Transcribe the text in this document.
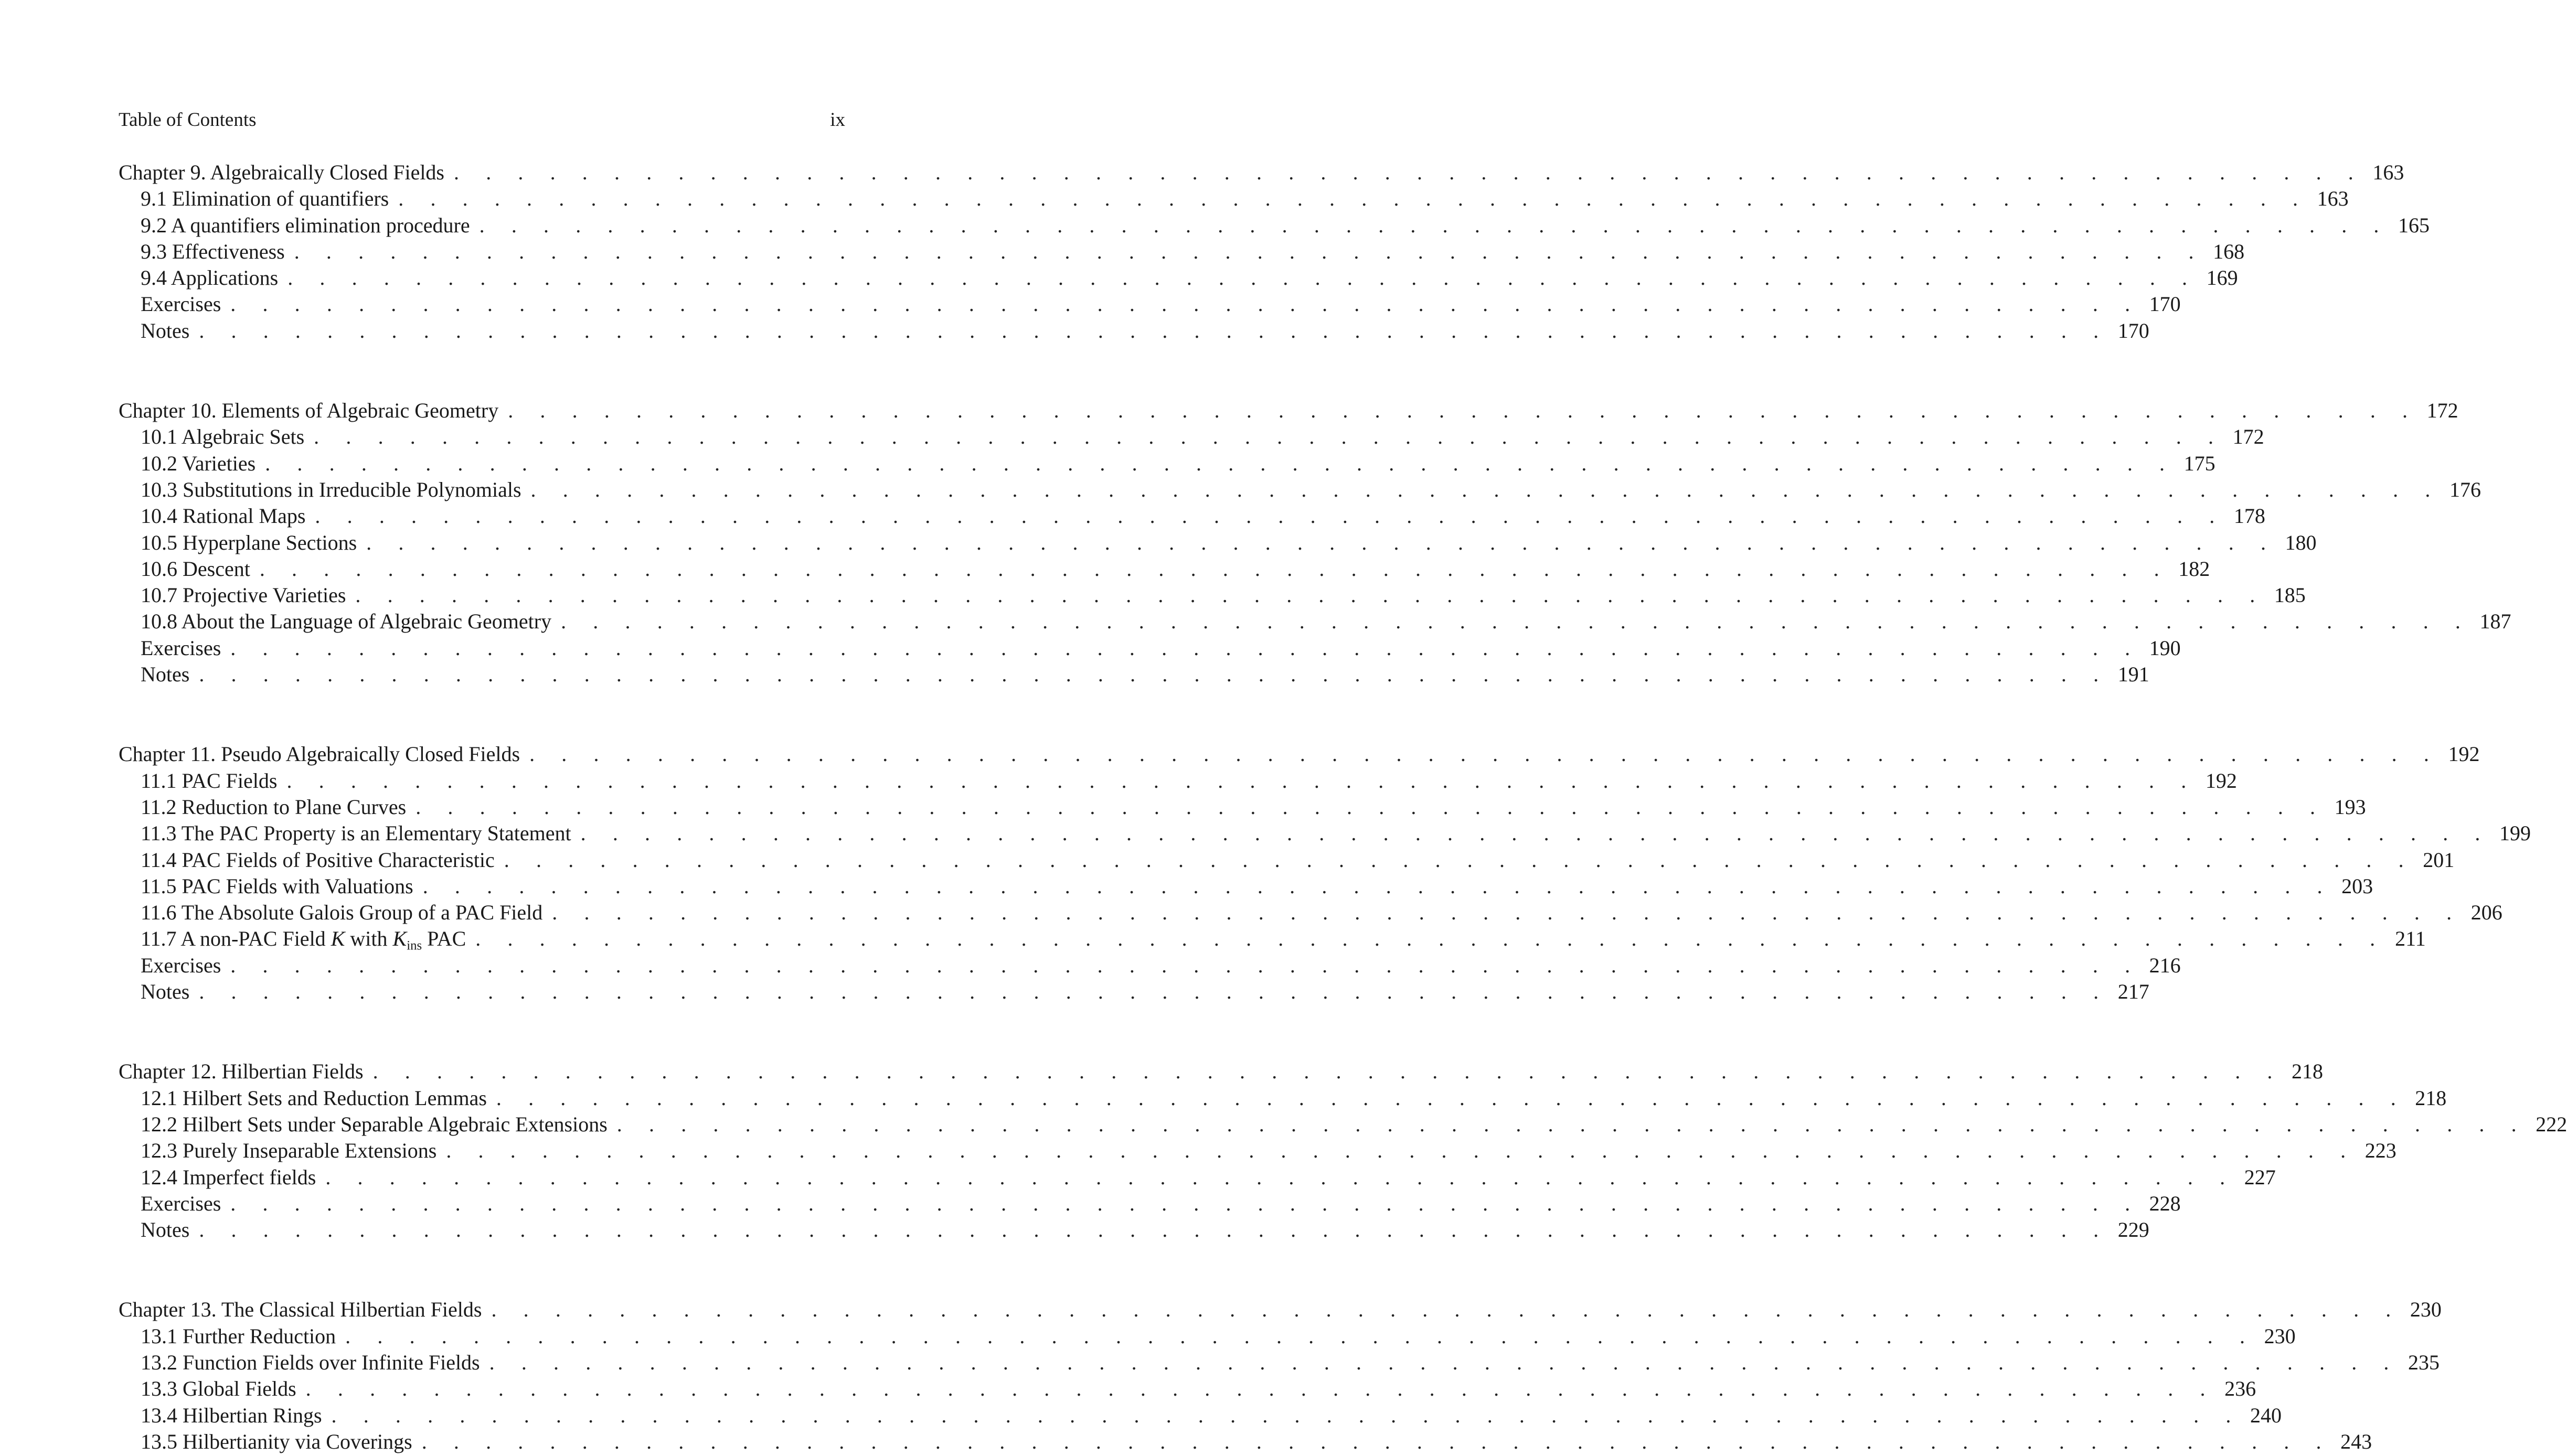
Table of Contents	ix
Chapter 9. Algebraically Closed Fields . . . . . . . . . . . . . . . . . . . . . . . . . . . . . . . . . . . . . . . . . . . . . . . . . . . . . . . . . . . . 163
9.1 Elimination of quantifiers . . . . . . . . . . . . . . . . . . . . . . . . . . . . . . . . . . . . . . . . . . . . . . . . . . . . . . . . . . . . 163
9.2 A quantifiers elimination procedure . . . . . . . . . . . . . . . . . . . . . . . . . . . . . . . . . . . . . . . . . . . . . . . . . . . . . . . . . . . . 165
9.3 Effectiveness . . . . . . . . . . . . . . . . . . . . . . . . . . . . . . . . . . . . . . . . . . . . . . . . . . . . . . . . . . . . 168
9.4 Applications . . . . . . . . . . . . . . . . . . . . . . . . . . . . . . . . . . . . . . . . . . . . . . . . . . . . . . . . . . . . 169
Exercises . . . . . . . . . . . . . . . . . . . . . . . . . . . . . . . . . . . . . . . . . . . . . . . . . . . . . . . . . . . . 170
Notes . . . . . . . . . . . . . . . . . . . . . . . . . . . . . . . . . . . . . . . . . . . . . . . . . . . . . . . . . . . . 170
Chapter 10. Elements of Algebraic Geometry . . . . . . . . . . . . . . . . . . . . . . . . . . . . . . . . . . . . . . . . . . . . . . . . . . . . . . . . . . . . 172
10.1 Algebraic Sets . . . . . . . . . . . . . . . . . . . . . . . . . . . . . . . . . . . . . . . . . . . . . . . . . . . . . . . . . . . . 172
10.2 Varieties . . . . . . . . . . . . . . . . . . . . . . . . . . . . . . . . . . . . . . . . . . . . . . . . . . . . . . . . . . . . 175
10.3 Substitutions in Irreducible Polynomials . . . . . . . . . . . . . . . . . . . . . . . . . . . . . . . . . . . . . . . . . . . . . . . . . . . . . . . . . . . . 176
10.4 Rational Maps . . . . . . . . . . . . . . . . . . . . . . . . . . . . . . . . . . . . . . . . . . . . . . . . . . . . . . . . . . . . 178
10.5 Hyperplane Sections . . . . . . . . . . . . . . . . . . . . . . . . . . . . . . . . . . . . . . . . . . . . . . . . . . . . . . . . . . . . 180
10.6 Descent . . . . . . . . . . . . . . . . . . . . . . . . . . . . . . . . . . . . . . . . . . . . . . . . . . . . . . . . . . . . 182
10.7 Projective Varieties . . . . . . . . . . . . . . . . . . . . . . . . . . . . . . . . . . . . . . . . . . . . . . . . . . . . . . . . . . . . 185
10.8 About the Language of Algebraic Geometry . . . . . . . . . . . . . . . . . . . . . . . . . . . . . . . . . . . . . . . . . . . . . . . . . . . . . . . . . . . . 187
Exercises . . . . . . . . . . . . . . . . . . . . . . . . . . . . . . . . . . . . . . . . . . . . . . . . . . . . . . . . . . . . 190
Notes . . . . . . . . . . . . . . . . . . . . . . . . . . . . . . . . . . . . . . . . . . . . . . . . . . . . . . . . . . . . 191
Chapter 11. Pseudo Algebraically Closed Fields . . . . . . . . . . . . . . . . . . . . . . . . . . . . . . . . . . . . . . . . . . . . . . . . . . . . . . . . . . . . 192
11.1 PAC Fields . . . . . . . . . . . . . . . . . . . . . . . . . . . . . . . . . . . . . . . . . . . . . . . . . . . . . . . . . . . . 192
11.2 Reduction to Plane Curves . . . . . . . . . . . . . . . . . . . . . . . . . . . . . . . . . . . . . . . . . . . . . . . . . . . . . . . . . . . . 193
11.3 The PAC Property is an Elementary Statement . . . . . . . . . . . . . . . . . . . . . . . . . . . . . . . . . . . . . . . . . . . . . . . . . . . . . . . . . . . . 199
11.4 PAC Fields of Positive Characteristic . . . . . . . . . . . . . . . . . . . . . . . . . . . . . . . . . . . . . . . . . . . . . . . . . . . . . . . . . . . . 201
11.5 PAC Fields with Valuations . . . . . . . . . . . . . . . . . . . . . . . . . . . . . . . . . . . . . . . . . . . . . . . . . . . . . . . . . . . . 203
11.6 The Absolute Galois Group of a PAC Field . . . . . . . . . . . . . . . . . . . . . . . . . . . . . . . . . . . . . . . . . . . . . . . . . . . . . . . . . . . . 206
11.7 A non-PAC Field K with $K_{ins}$ PAC . . . . . . . . . . . . . . . . . . . . . . . . . . . . . . . . . . . . . . . . . . . . . . . . . . . . . . . . . . . . 211
Exercises . . . . . . . . . . . . . . . . . . . . . . . . . . . . . . . . . . . . . . . . . . . . . . . . . . . . . . . . . . . . 216
Notes . . . . . . . . . . . . . . . . . . . . . . . . . . . . . . . . . . . . . . . . . . . . . . . . . . . . . . . . . . . . 217
Chapter 12. Hilbertian Fields . . . . . . . . . . . . . . . . . . . . . . . . . . . . . . . . . . . . . . . . . . . . . . . . . . . . . . . . . . . . 218
12.1 Hilbert Sets and Reduction Lemmas . . . . . . . . . . . . . . . . . . . . . . . . . . . . . . . . . . . . . . . . . . . . . . . . . . . . . . . . . . . . 218
12.2 Hilbert Sets under Separable Algebraic Extensions . . . . . . . . . . . . . . . . . . . . . . . . . . . . . . . . . . . . . . . . . . . . . . . . . . . . . . . . . . . . 222
12.3 Purely Inseparable Extensions . . . . . . . . . . . . . . . . . . . . . . . . . . . . . . . . . . . . . . . . . . . . . . . . . . . . . . . . . . . . 223
12.4 Imperfect fields . . . . . . . . . . . . . . . . . . . . . . . . . . . . . . . . . . . . . . . . . . . . . . . . . . . . . . . . . . . . 227
Exercises . . . . . . . . . . . . . . . . . . . . . . . . . . . . . . . . . . . . . . . . . . . . . . . . . . . . . . . . . . . . 228
Notes . . . . . . . . . . . . . . . . . . . . . . . . . . . . . . . . . . . . . . . . . . . . . . . . . . . . . . . . . . . . 229
Chapter 13. The Classical Hilbertian Fields . . . . . . . . . . . . . . . . . . . . . . . . . . . . . . . . . . . . . . . . . . . . . . . . . . . . . . . . . . . . 230
13.1 Further Reduction . . . . . . . . . . . . . . . . . . . . . . . . . . . . . . . . . . . . . . . . . . . . . . . . . . . . . . . . . . . . 230
13.2 Function Fields over Infinite Fields . . . . . . . . . . . . . . . . . . . . . . . . . . . . . . . . . . . . . . . . . . . . . . . . . . . . . . . . . . . . 235
13.3 Global Fields . . . . . . . . . . . . . . . . . . . . . . . . . . . . . . . . . . . . . . . . . . . . . . . . . . . . . . . . . . . . 236
13.4 Hilbertian Rings . . . . . . . . . . . . . . . . . . . . . . . . . . . . . . . . . . . . . . . . . . . . . . . . . . . . . . . . . . . . 240
13.5 Hilbertianity via Coverings . . . . . . . . . . . . . . . . . . . . . . . . . . . . . . . . . . . . . . . . . . . . . . . . . . . . . . . . . . . . 243
